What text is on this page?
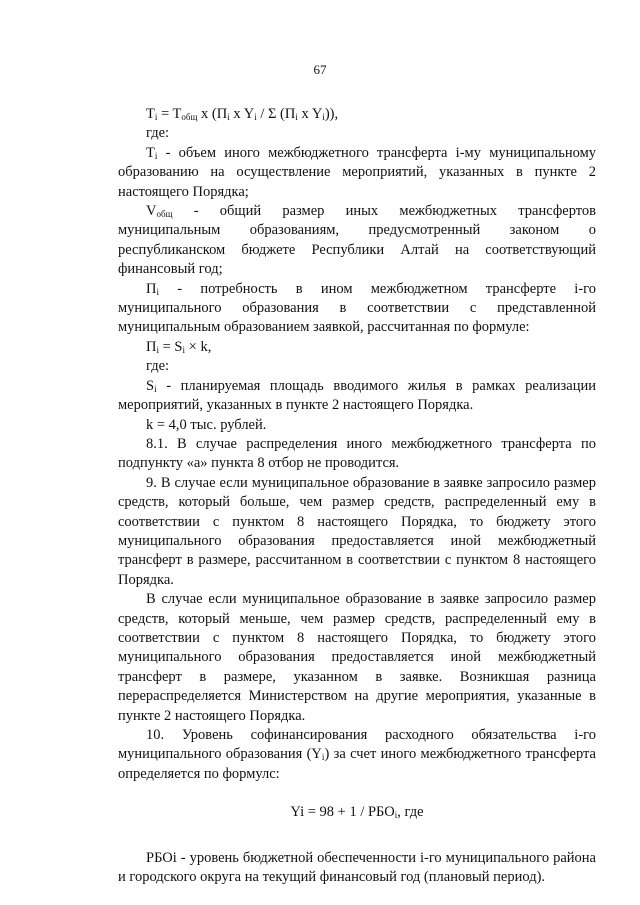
67

$T_i = T_{общ}$ x ($П_i$ x $Y_i$ / Σ ($П_i$ x $Y_i$)),

где:

$T_i$ - объем иного межбюджетного трансферта i-му муниципальному образованию на осуществление мероприятий, указанных в пункте 2 настоящего Порядка;

$V_{общ}$ - общий размер иных межбюджетных трансфертов муниципальным образованиям, предусмотренный законом о республиканском бюджете Республики Алтай на соответствующий финансовый год;

$П_i$ - потребность в ином межбюджетном трансферте i-го муниципального образования в соответствии с представленной муниципальным образованием заявкой, рассчитанная по формуле:

$П_i = S_i \times k$,

где:

$S_i$ - планируемая площадь вводимого жилья в рамках реализации мероприятий, указанных в пункте 2 настоящего Порядка.

k = 4,0 тыс. рублей.

8.1. В случае распределения иного межбюджетного трансферта по подпункту «а» пункта 8 отбор не проводится.

9. В случае если муниципальное образование в заявке запросило размер средств, который больше, чем размер средств, распределенный ему в соответствии с пунктом 8 настоящего Порядка, то бюджету этого муниципального образования предоставляется иной межбюджетный трансферт в размере, рассчитанном в соответствии с пунктом 8 настоящего Порядка.

В случае если муниципальное образование в заявке запросило размер средств, который меньше, чем размер средств, распределенный ему в соответствии с пунктом 8 настоящего Порядка, то бюджету этого муниципального образования предоставляется иной межбюджетный трансферт в размере, указанном в заявке. Возникшая разница перераспределяется Министерством на другие мероприятия, указанные в пункте 2 настоящего Порядка.

10. Уровень софинансирования расходного обязательства i-го муниципального образования $(Y_i)$ за счет иного межбюджетного трансферта определяется по формулс:

$Yi = 98 + 1 / РБО_i$, где

РБОi - уровень бюджетной обеспеченности i-го муниципального района и городского округа на текущий финансовый год (плановый период).
